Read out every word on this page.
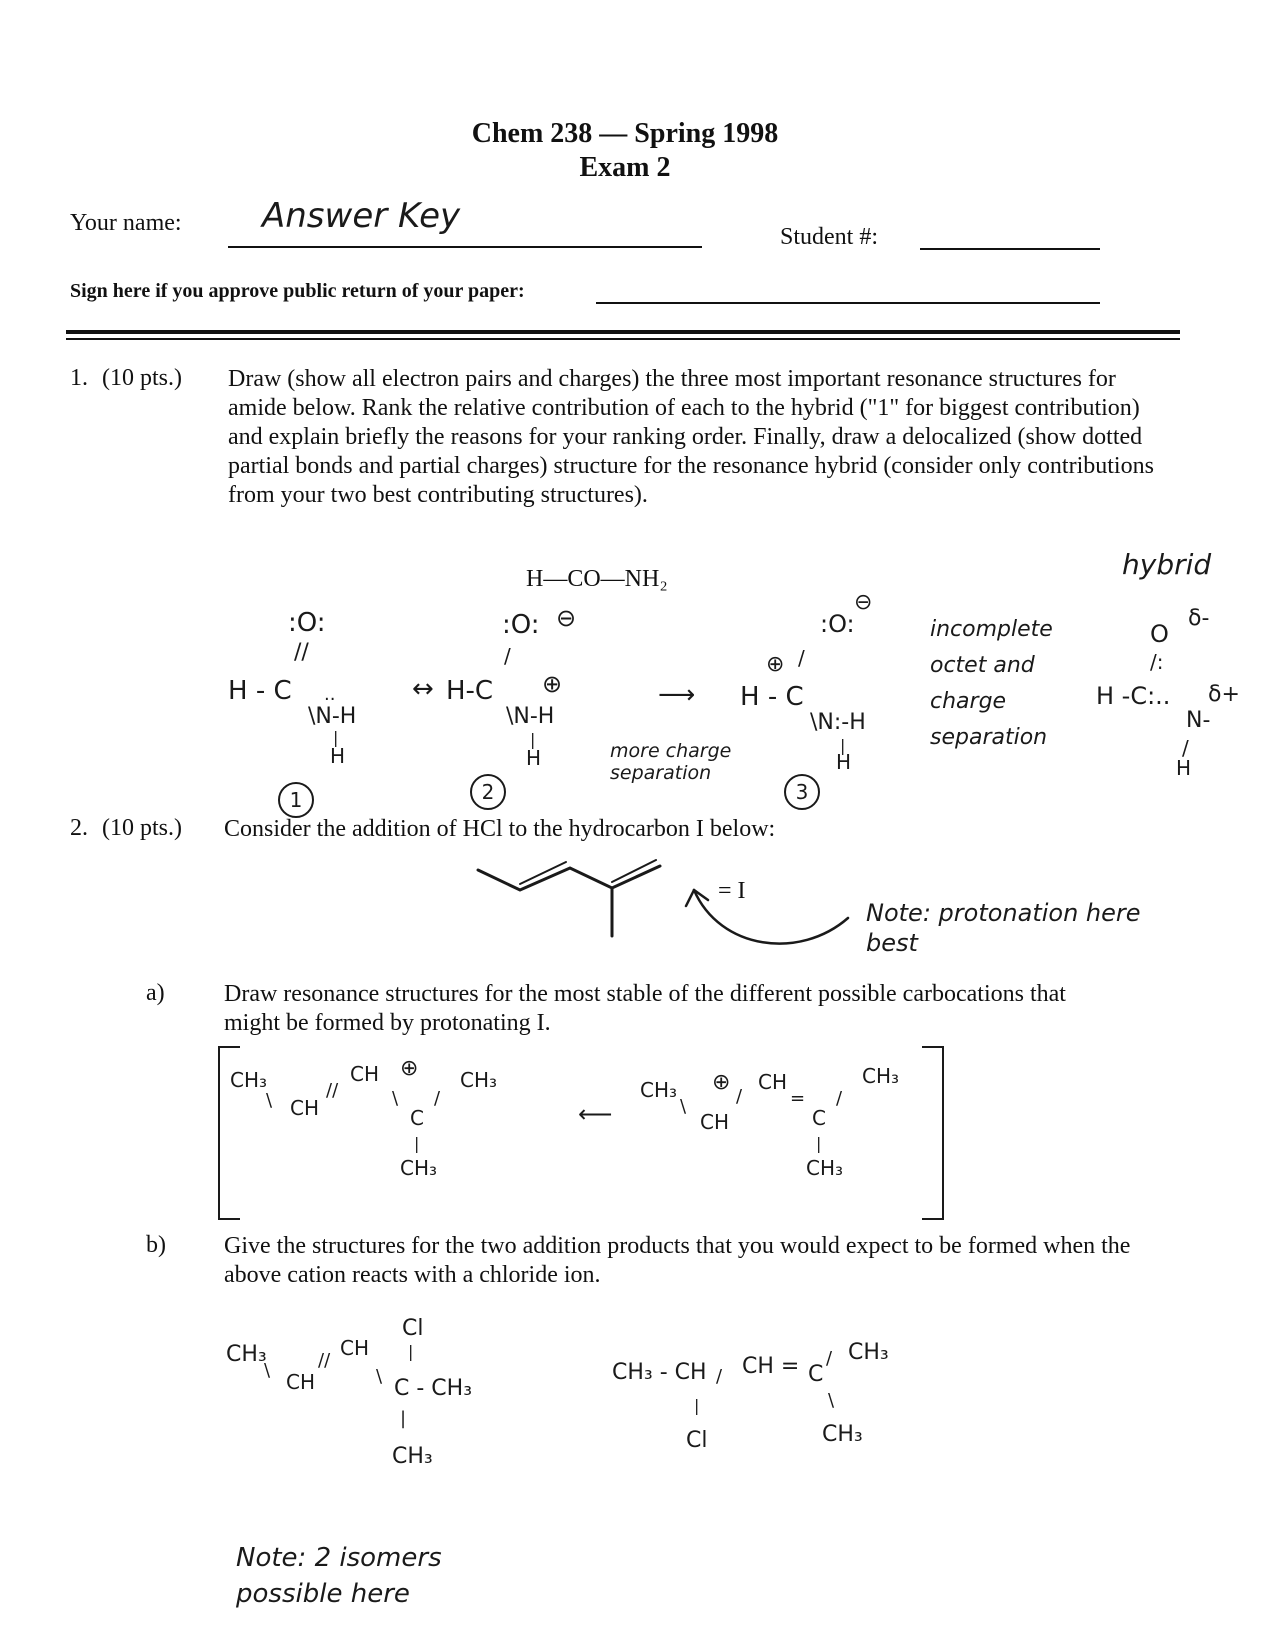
Chem 238 — Spring 1998
Exam 2
Your name: Answer Key
Student #:
Sign here if you approve public return of your paper:
1. (10 pts.) Draw (show all electron pairs and charges) the three most important resonance structures for amide below. Rank the relative contribution of each to the hybrid ("1" for biggest contribution) and explain briefly the reasons for your ranking order. Finally, draw a delocalized (show dotted partial bonds and partial charges) structure for the resonance hybrid (consider only contributions from your two best contributing structures).
H—CO—NH₂
:O:
//
H - C ..
\N-H
|
H
1
↔
:O: ⊖
/
H-C ⊕
\N-H
|
H
2
more charge separation
⟶
:O:
⊖
⊕ /
H - C
\N:-H
|
H
3
incomplete octet and charge separation
hybrid
O
δ-
/:
H -C:.. δ+
N-
/
H
2. (10 pts.) Consider the addition of HCl to the hydrocarbon I below:
= I
Note: protonation here best
a) Draw resonance structures for the most stable of the different possible carbocations that might be formed by protonating I.
CH₃
\ CH
//
CH ⊕
\
C
/
CH₃
|
CH₃
⟵
CH₃
\
⊕
CH
/
CH
=
C
/
CH₃
|
CH₃
b) Give the structures for the two addition products that you would expect to be formed when the above cation reacts with a chloride ion.
CH₃
\ CH
//
CH
Cl
|
\ C - CH₃
|
CH₃
CH₃ - CH / CH = C
/ CH₃
|
Cl
\
CH₃
Note: 2 isomers possible here
